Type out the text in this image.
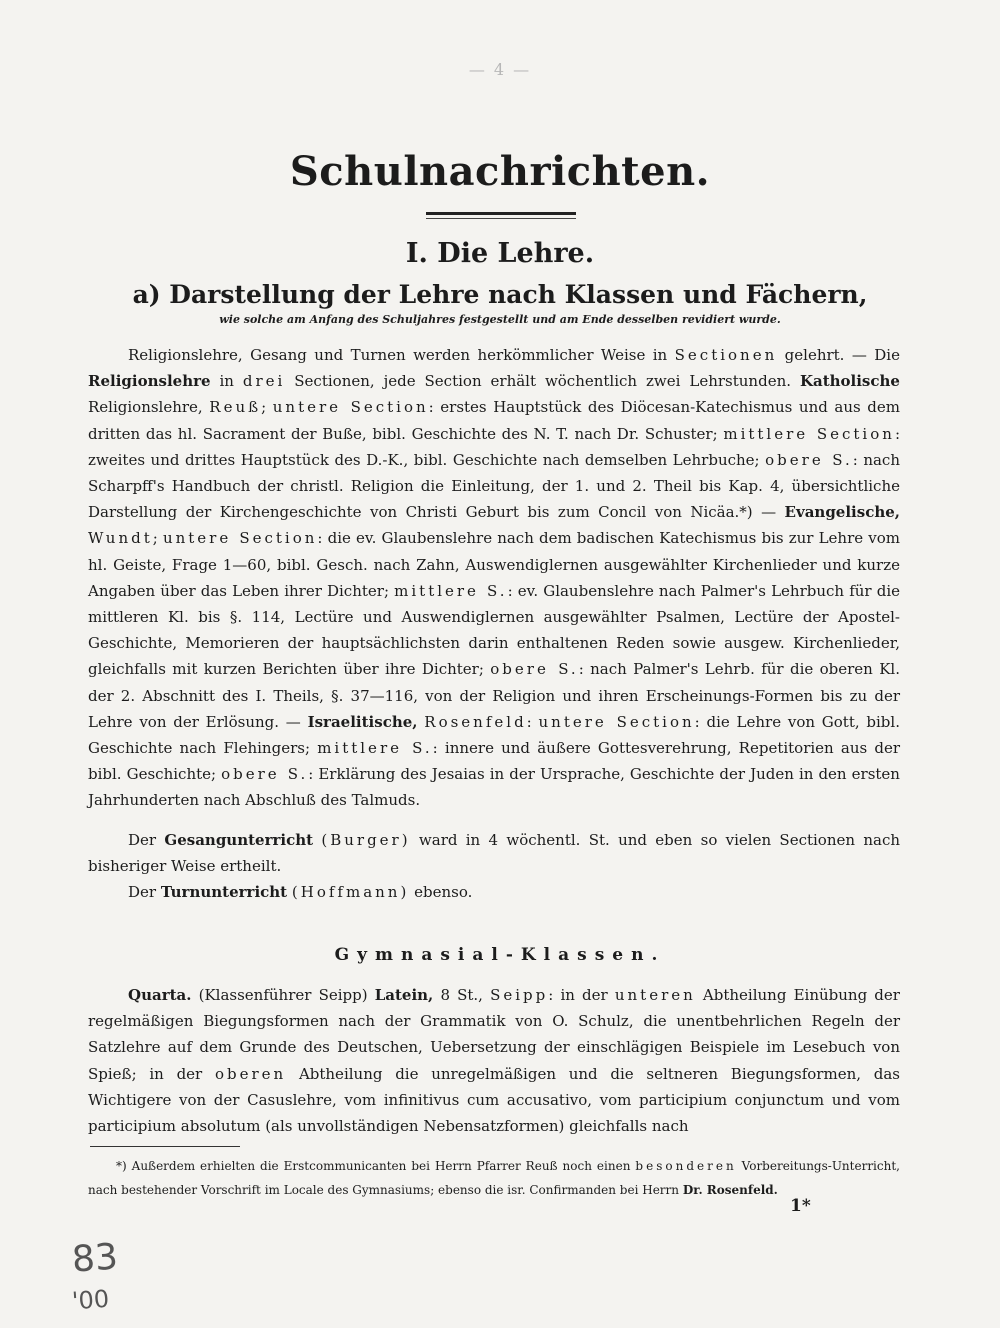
— 4 —
Schulnachrichten.
I. Die Lehre.
a) Darstellung der Lehre nach Klassen und Fächern,
wie solche am Anfang des Schuljahres festgestellt und am Ende desselben revidiert wurde.

Religionslehre, Gesang und Turnen werden herkömmlicher Weise in Sectionen gelehrt. — Die Religionslehre in drei Sectionen, jede Section erhält wöchentlich zwei Lehrstunden. Katholische Religionslehre, Reuß; untere Section: erstes Hauptstück des Diöcesan-Katechismus und aus dem dritten das hl. Sacrament der Buße, bibl. Geschichte des N. T. nach Dr. Schuster; mittlere Section: zweites und drittes Hauptstück des D.-K., bibl. Geschichte nach demselben Lehrbuche; obere S.: nach Scharpff's Handbuch der christl. Religion die Einleitung, der 1. und 2. Theil bis Kap. 4, übersichtliche Darstellung der Kirchengeschichte von Christi Geburt bis zum Concil von Nicäa.*) — Evangelische, Wundt; untere Section: die ev. Glaubenslehre nach dem badischen Katechismus bis zur Lehre vom hl. Geiste, Frage 1—60, bibl. Gesch. nach Zahn, Auswendiglernen ausgewählter Kirchenlieder und kurze Angaben über das Leben ihrer Dichter; mittlere S.: ev. Glaubenslehre nach Palmer's Lehrbuch für die mittleren Kl. bis §. 114, Lectüre und Auswendiglernen ausgewählter Psalmen, Lectüre der Apostel-Geschichte, Memorieren der hauptsächlichsten darin enthaltenen Reden sowie ausgew. Kirchenlieder, gleichfalls mit kurzen Berichten über ihre Dichter; obere S.: nach Palmer's Lehrb. für die oberen Kl. der 2. Abschnitt des I. Theils, §. 37—116, von der Religion und ihren Erscheinungs-Formen bis zu der Lehre von der Erlösung. — Israelitische, Rosenfeld: untere Section: die Lehre von Gott, bibl. Geschichte nach Flehingers; mittlere S.: innere und äußere Gottesverehrung, Repetitorien aus der bibl. Geschichte; obere S.: Erklärung des Jesaias in der Ursprache, Geschichte der Juden in den ersten Jahrhunderten nach Abschluß des Talmuds.

Der Gesangunterricht (Burger) ward in 4 wöchentl. St. und eben so vielen Sectionen nach bisheriger Weise ertheilt.

Der Turnunterricht (Hoffmann) ebenso.

Gymnasial-Klassen.

Quarta. (Klassenführer Seipp) Latein, 8 St., Seipp: in der unteren Abtheilung Einübung der regelmäßigen Biegungsformen nach der Grammatik von O. Schulz, die unentbehrlichen Regeln der Satzlehre auf dem Grunde des Deutschen, Uebersetzung der einschlägigen Beispiele im Lesebuch von Spieß; in der oberen Abtheilung die unregelmäßigen und die seltneren Biegungsformen, das Wichtigere von der Casuslehre, vom infinitivus cum accusativo, vom participium conjunctum und vom participium absolutum (als unvollständigen Nebensatzformen) gleichfalls nach

*) Außerdem erhielten die Erstcommunicanten bei Herrn Pfarrer Reuß noch einen besonderen Vorbereitungs-Unterricht, nach bestehender Vorschrift im Locale des Gymnasiums; ebenso die isr. Confirmanden bei Herrn Dr. Rosenfeld.

1*
83
'00
